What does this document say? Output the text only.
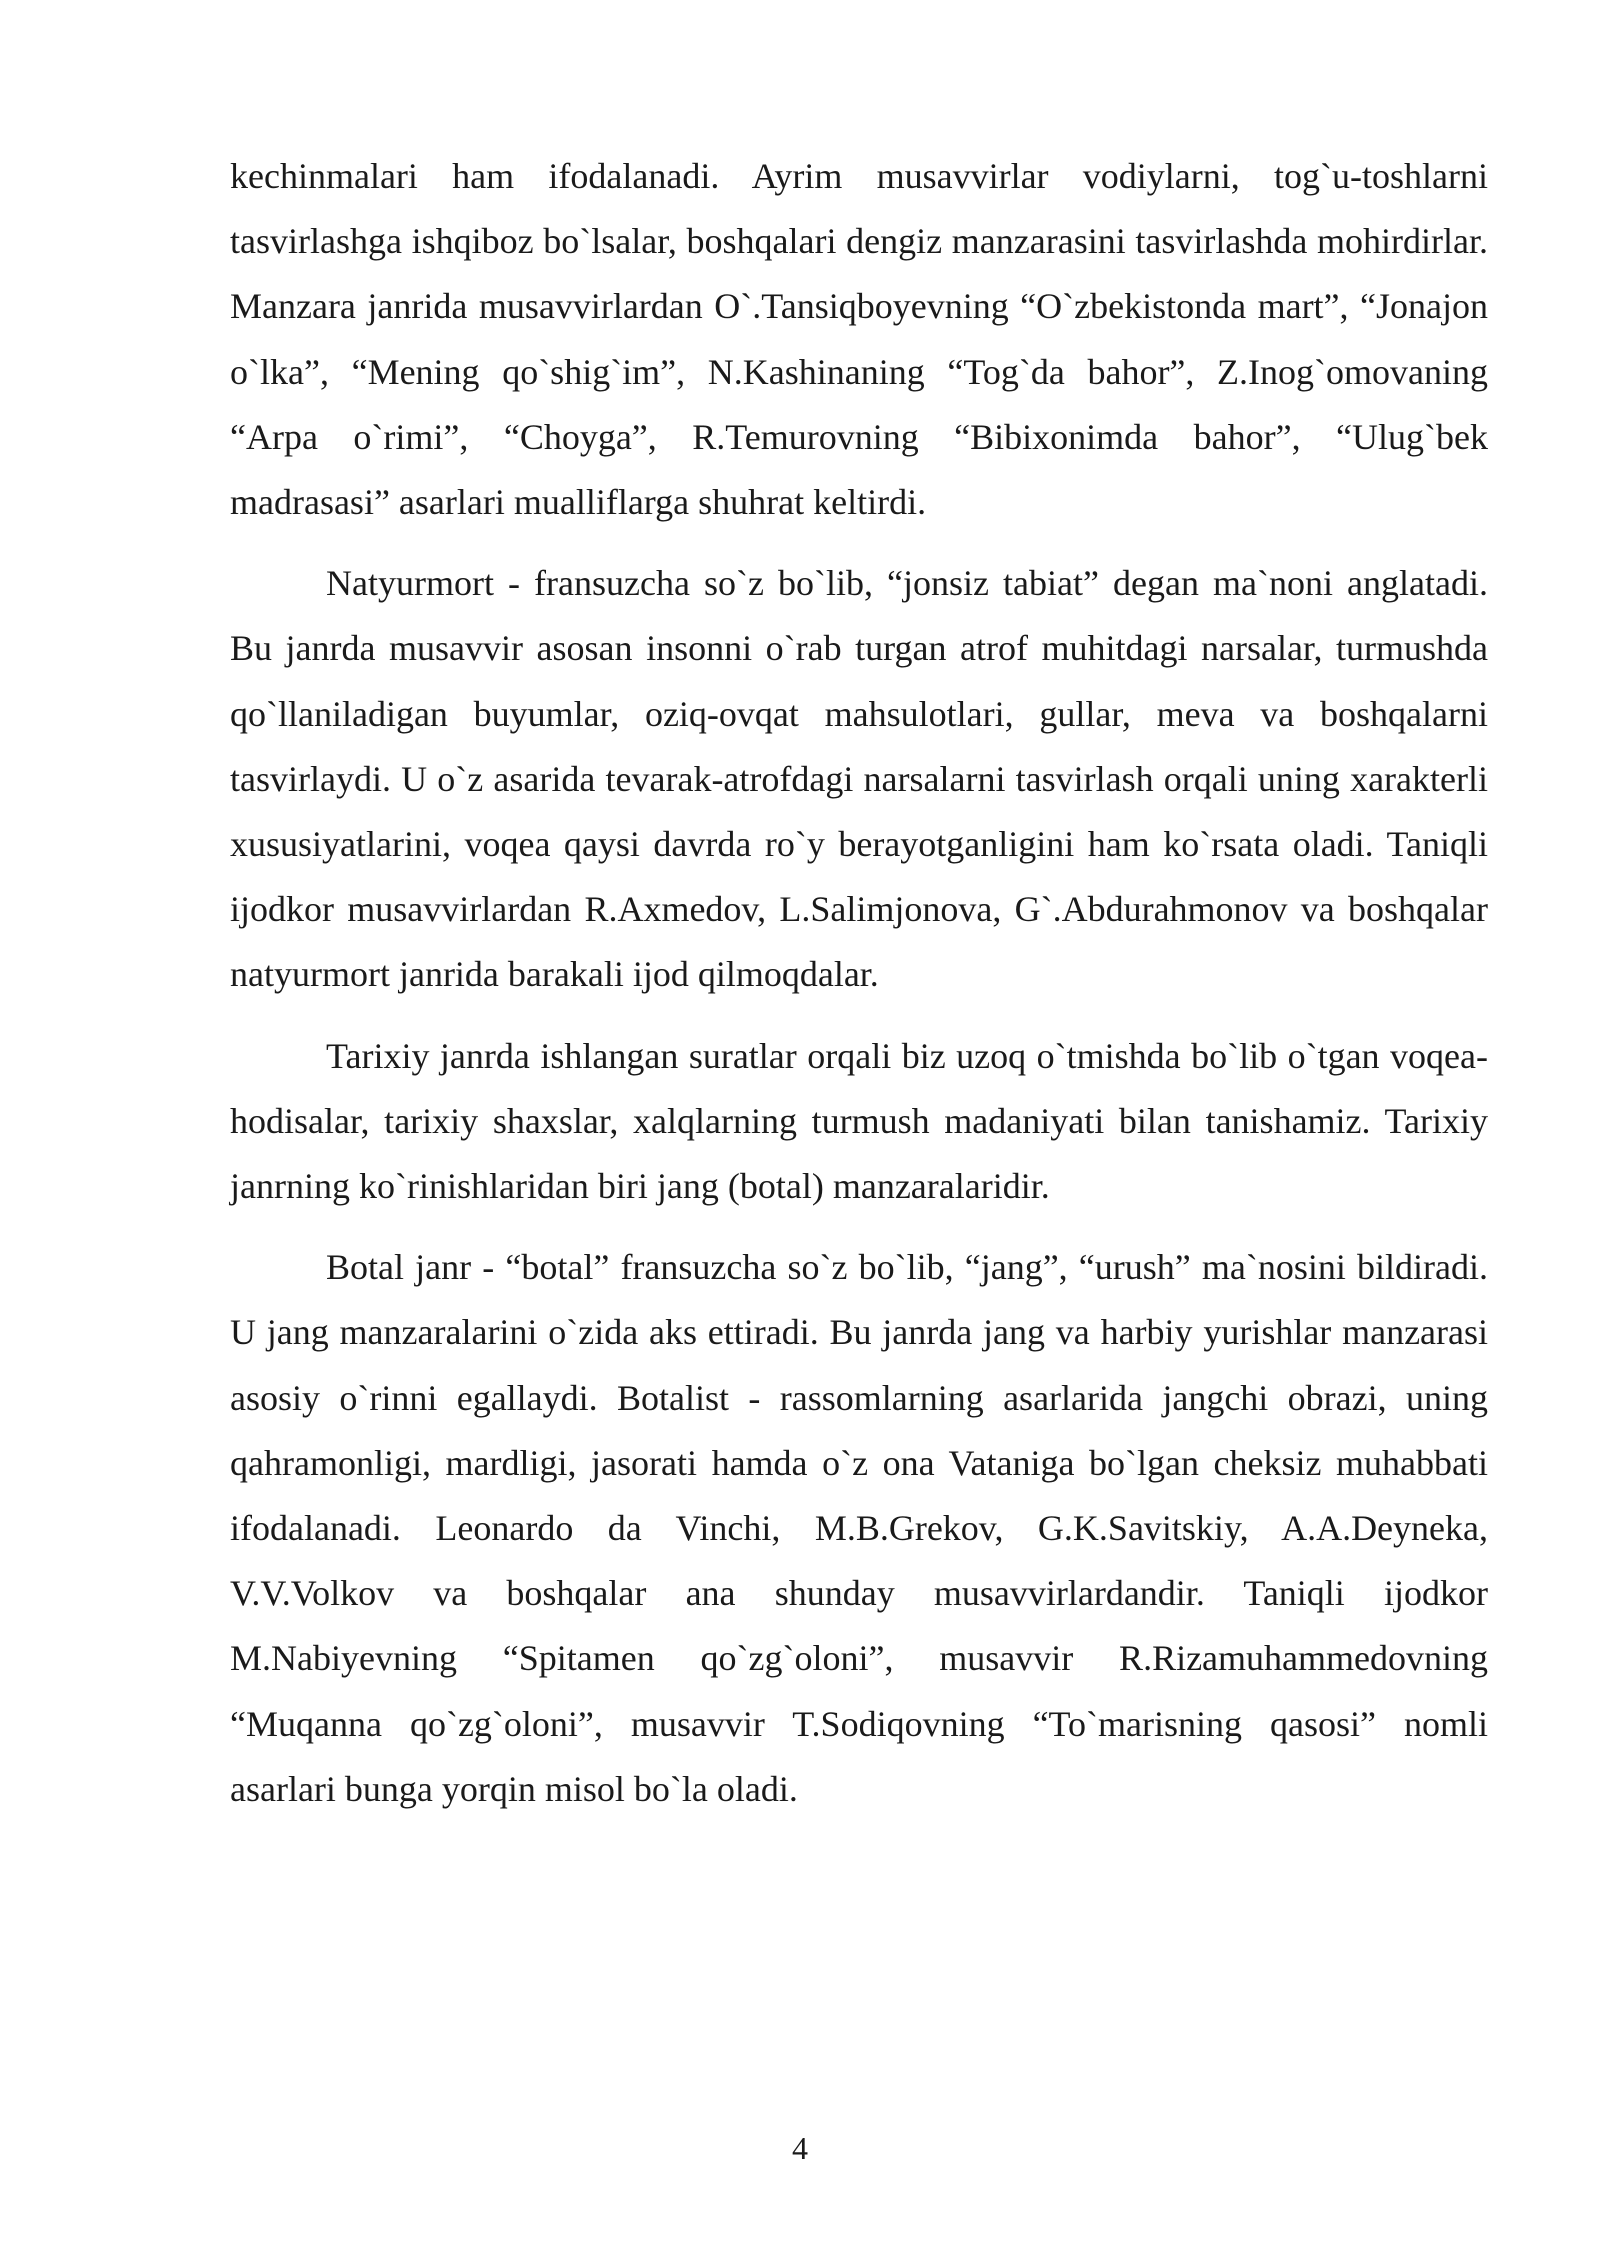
kechinmalari ham ifodalanadi. Ayrim musavvirlar vodiylarni, tog`u-toshlarni tasvirlashga ishqiboz bo`lsalar, boshqalari dengiz manzarasini tasvirlashda mohirdirlar. Manzara janrida musavvirlardan O`.Tansiqboyevning “O`zbekistonda mart”, “Jonajon o`lka”, “Mening qo`shig`im”, N.Kashinaning “Tog`da bahor”, Z.Inog`omovaning “Arpa o`rimi”, “Choyga”, R.Temurovning “Bibixonimda bahor”, “Ulug`bek madrasasi” asarlari mualliflarga shuhrat keltirdi.

Natyurmort - fransuzcha so`z bo`lib, “jonsiz tabiat” degan ma`noni anglatadi. Bu janrda musavvir asosan insonni o`rab turgan atrof muhitdagi narsalar, turmushda qo`llaniladigan buyumlar, oziq-ovqat mahsulotlari, gullar, meva va boshqalarni tasvirlaydi. U o`z asarida tevarak-atrofdagi narsalarni tasvirlash orqali uning xarakterli xususiyatlarini, voqea qaysi davrda ro`y berayotganligini ham ko`rsata oladi. Taniqli ijodkor musavvirlardan R.Axmedov, L.Salimjonova, G`.Abdurahmonov va boshqalar natyurmort janrida barakali ijod qilmoqdalar.

Tarixiy janrda ishlangan suratlar orqali biz uzoq o`tmishda bo`lib o`tgan voqea-hodisalar, tarixiy shaxslar, xalqlarning turmush madaniyati bilan tanishamiz. Tarixiy janrning ko`rinishlaridan biri jang (botal) manzaralaridir.

Botal janr - “botal” fransuzcha so`z bo`lib, “jang”, “urush” ma`nosini bildiradi. U jang manzaralarini o`zida aks ettiradi. Bu janrda jang va harbiy yurishlar manzarasi asosiy o`rinni egallaydi. Botalist - rassomlarning asarlarida jangchi obrazi, uning qahramonligi, mardligi, jasorati hamda o`z ona Vataniga bo`lgan cheksiz muhabbati ifodalanadi. Leonardo da Vinchi, M.B.Grekov, G.K.Savitskiy, A.A.Deyneka, V.V.Volkov va boshqalar ana shunday musavvirlardandir. Taniqli ijodkor M.Nabiyevning “Spitamen qo`zg`oloni”, musavvir R.Rizamuhammedovning “Muqanna qo`zg`oloni”, musavvir T.Sodiqovning “To`marisning qasosi” nomli asarlari bunga yorqin misol bo`la oladi.

4
